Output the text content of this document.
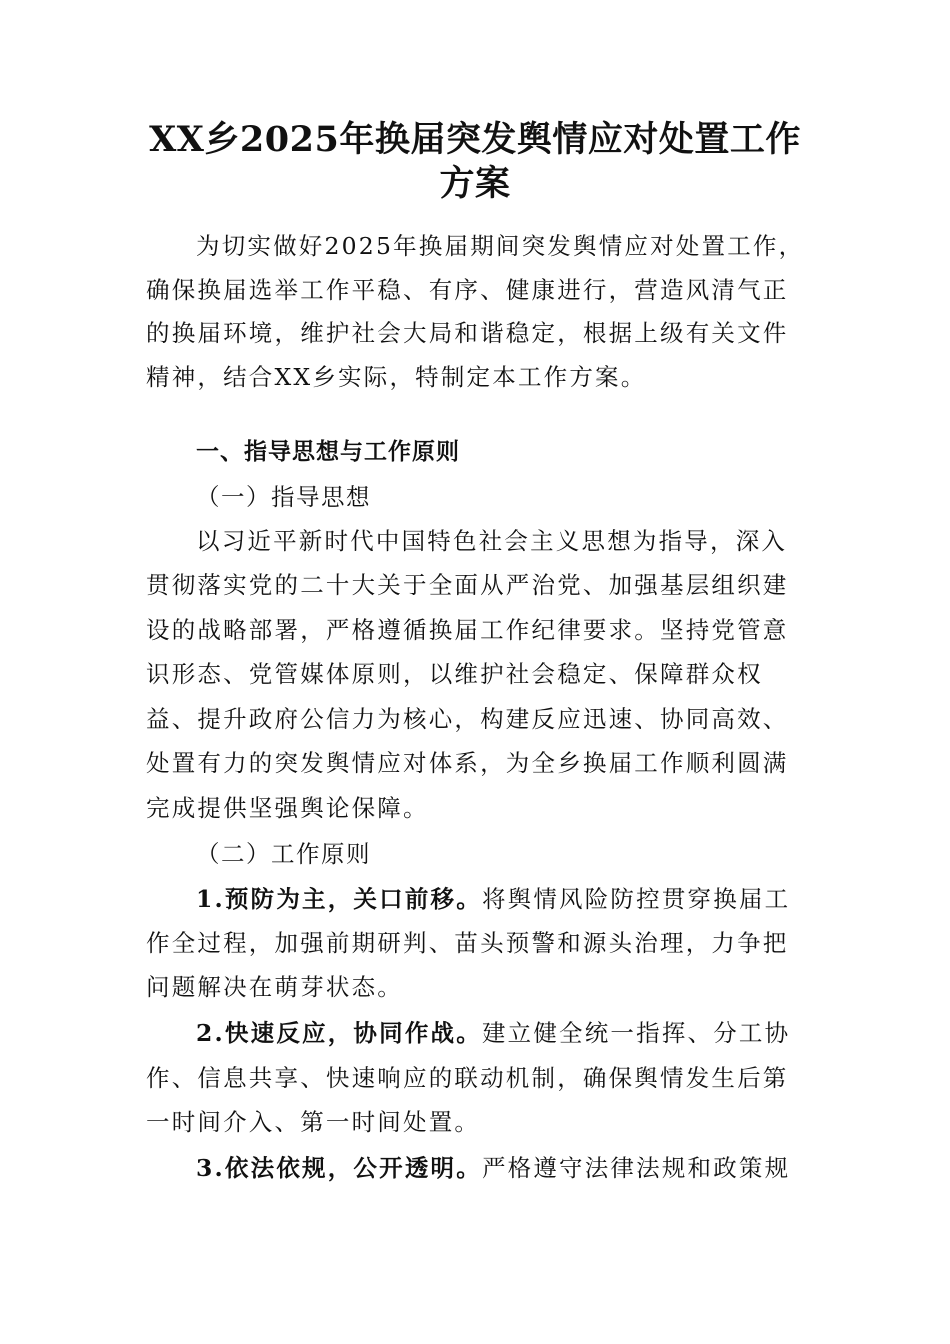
XX乡2025年换届突发舆情应对处置工作
方案

为切实做好2025年换届期间突发舆情应对处置工作，

确保换届选举工作平稳、有序、健康进行，营造风清气正

的换届环境，维护社会大局和谐稳定，根据上级有关文件

精神，结合XX乡实际，特制定本工作方案。

一、指导思想与工作原则

（一）指导思想

以习近平新时代中国特色社会主义思想为指导，深入

贯彻落实党的二十大关于全面从严治党、加强基层组织建

设的战略部署，严格遵循换届工作纪律要求。坚持党管意

识形态、党管媒体原则，以维护社会稳定、保障群众权

益、提升政府公信力为核心，构建反应迅速、协同高效、

处置有力的突发舆情应对体系，为全乡换届工作顺利圆满

完成提供坚强舆论保障。

（二）工作原则

1.预防为主，关口前移。将舆情风险防控贯穿换届工

作全过程，加强前期研判、苗头预警和源头治理，力争把

问题解决在萌芽状态。

2.快速反应，协同作战。建立健全统一指挥、分工协

作、信息共享、快速响应的联动机制，确保舆情发生后第

一时间介入、第一时间处置。

3.依法依规，公开透明。严格遵守法律法规和政策规
